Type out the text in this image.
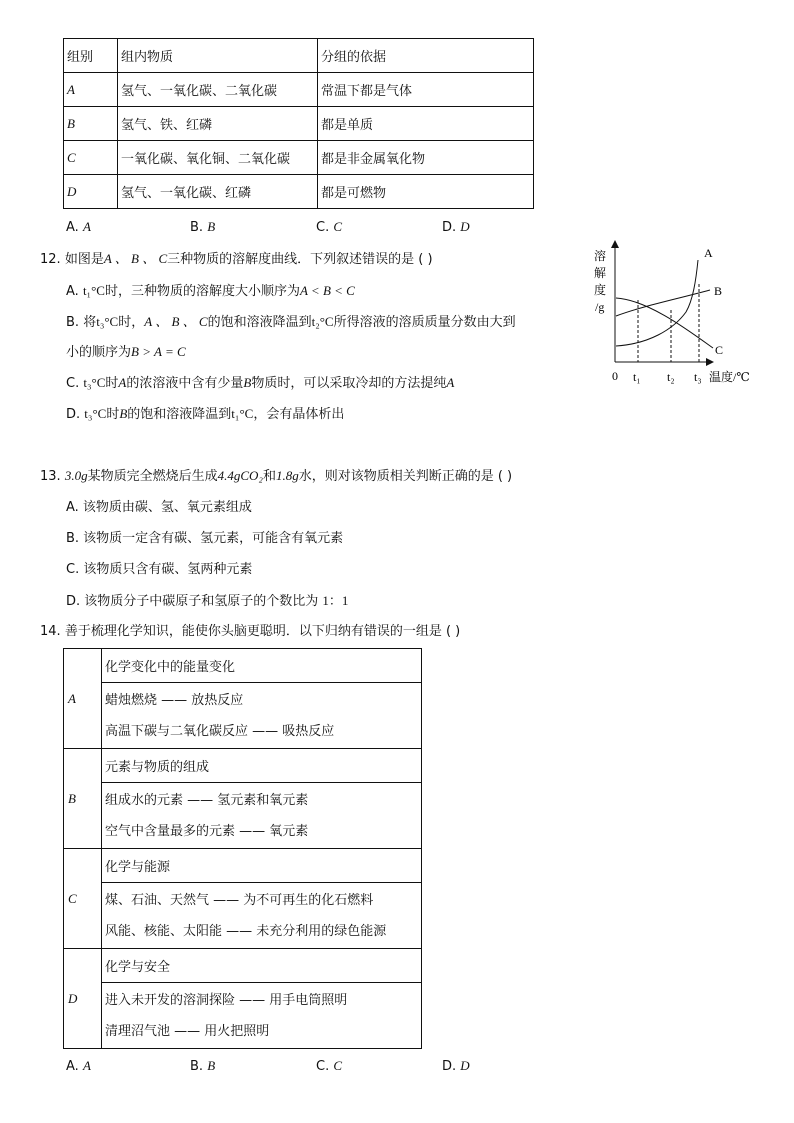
组别	组内物质	分组的依据
A	氢气、一氧化碳、二氧化碳	常温下都是气体
B	氢气、铁、红磷	都是单质
C	一氧化碳、氧化铜、二氧化碳	都是非金属氧化物
D	氢气、一氧化碳、红磷	都是可燃物
A. A	B. B	C. C	D. D
12. 如图是A 、 B 、 C三种物质的溶解度曲线．下列叙述错误的是 ( )
A. t₁°C时，三种物质的溶解度大小顺序为A < B < C
B. 将t₃°C时，A 、 B 、 C的饱和溶液降温到t₂°C所得溶液的溶质质量分数由大到
小的顺序为B > A = C
C. t₃°C时A的浓溶液中含有少量B物质时，可以采取冷却的方法提纯A
D. t₃°C时B的饱和溶液降温到t₁°C，会有晶体析出
溶
解
度
/g
A
B
C
0 t₁ t₂ t₃ 温度/℃
13. 3.0g某物质完全燃烧后生成4.4gCO₂和1.8g水，则对该物质相关判断正确的是 ( )
A. 该物质由碳、氢、氧元素组成
B. 该物质一定含有碳、氢元素，可能含有氧元素
C. 该物质只含有碳、氢两种元素
D. 该物质分子中碳原子和氢原子的个数比为 1：1
14. 善于梳理化学知识，能使你头脑更聪明．以下归纳有错误的一组是 ( )
A	化学变化中的能量变化

	蜡烛燃烧 —— 放热反应
高温下碳与二氧化碳反应 —— 吸热反应

B	元素与物质的组成

	组成水的元素 —— 氢元素和氧元素
空气中含量最多的元素 —— 氧元素

C	化学与能源

	煤、石油、天然气 —— 为不可再生的化石燃料
风能、核能、太阳能 —— 未充分利用的绿色能源

D	化学与安全

	进入未开发的溶洞探险 —— 用手电筒照明
清理沼气池 —— 用火把照明
A. A	B. B	C. C	D. D
